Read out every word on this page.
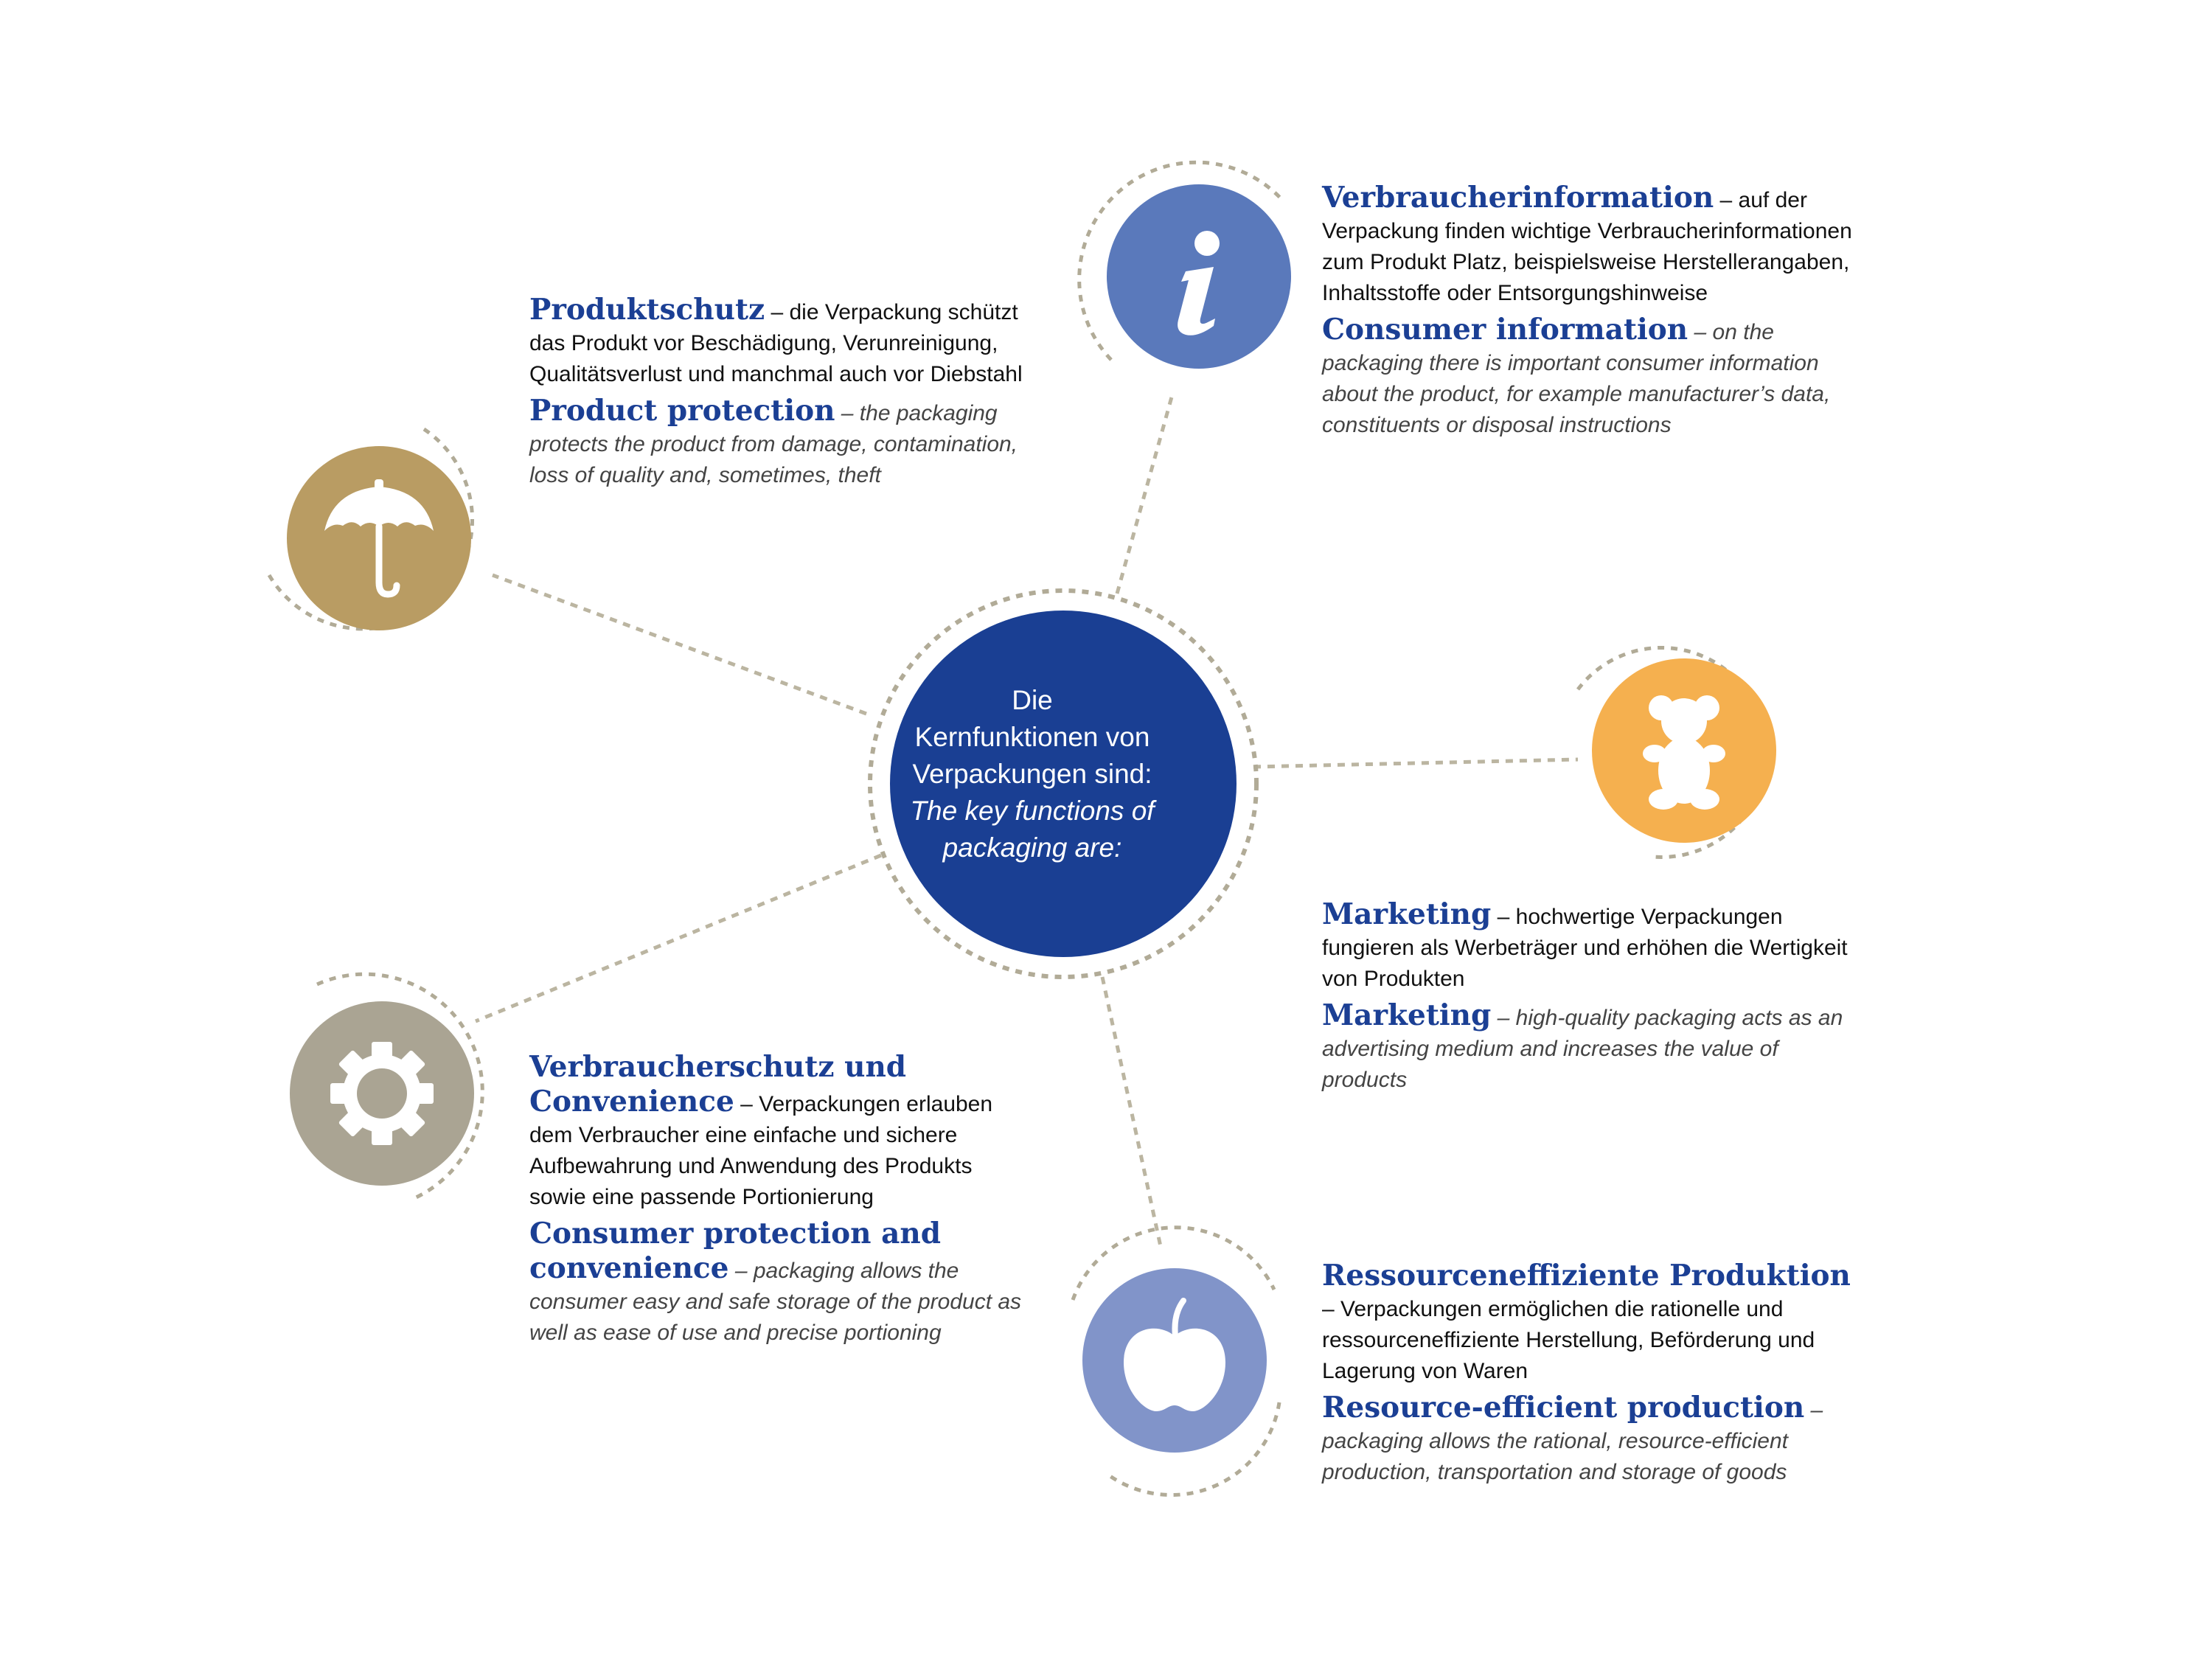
Die
Kernfunktionen von
Verpackungen sind:
The key functions of
packaging are:

Produktschutz – die Verpackung schützt das Produkt vor Beschädigung, Verunreinigung, Qualitätsverlust und manchmal auch vor Diebstahl

Product protection – the packaging protects the product from damage, contamination, loss of quality and, sometimes, theft

Verbraucherinformation – auf der Verpackung finden wichtige Verbraucherinformationen zum Produkt Platz, beispielsweise Herstellerangaben, Inhaltsstoffe oder Entsorgungshinweise

Consumer information – on the packaging there is important consumer information about the product, for example manufacturer’s data, constituents or disposal instructions

Marketing – hochwertige Verpackungen fungieren als Werbeträger und erhöhen die Wertigkeit von Produkten

Marketing – high-quality packaging acts as an advertising medium and increases the value of products

Verbraucherschutz und Convenience – Verpackungen erlauben dem Verbraucher eine einfache und sichere Aufbewahrung und Anwendung des Produkts sowie eine passende Portionierung

Consumer protection and convenience – packaging allows the consumer easy and safe storage of the product as well as ease of use and precise portioning

Ressourceneffiziente Produktion – Verpackungen ermöglichen die rationelle und ressourceneffiziente Herstellung, Beförderung und Lagerung von Waren

Resource-efficient production – packaging allows the rational, resource-efficient production, transportation and storage of goods
